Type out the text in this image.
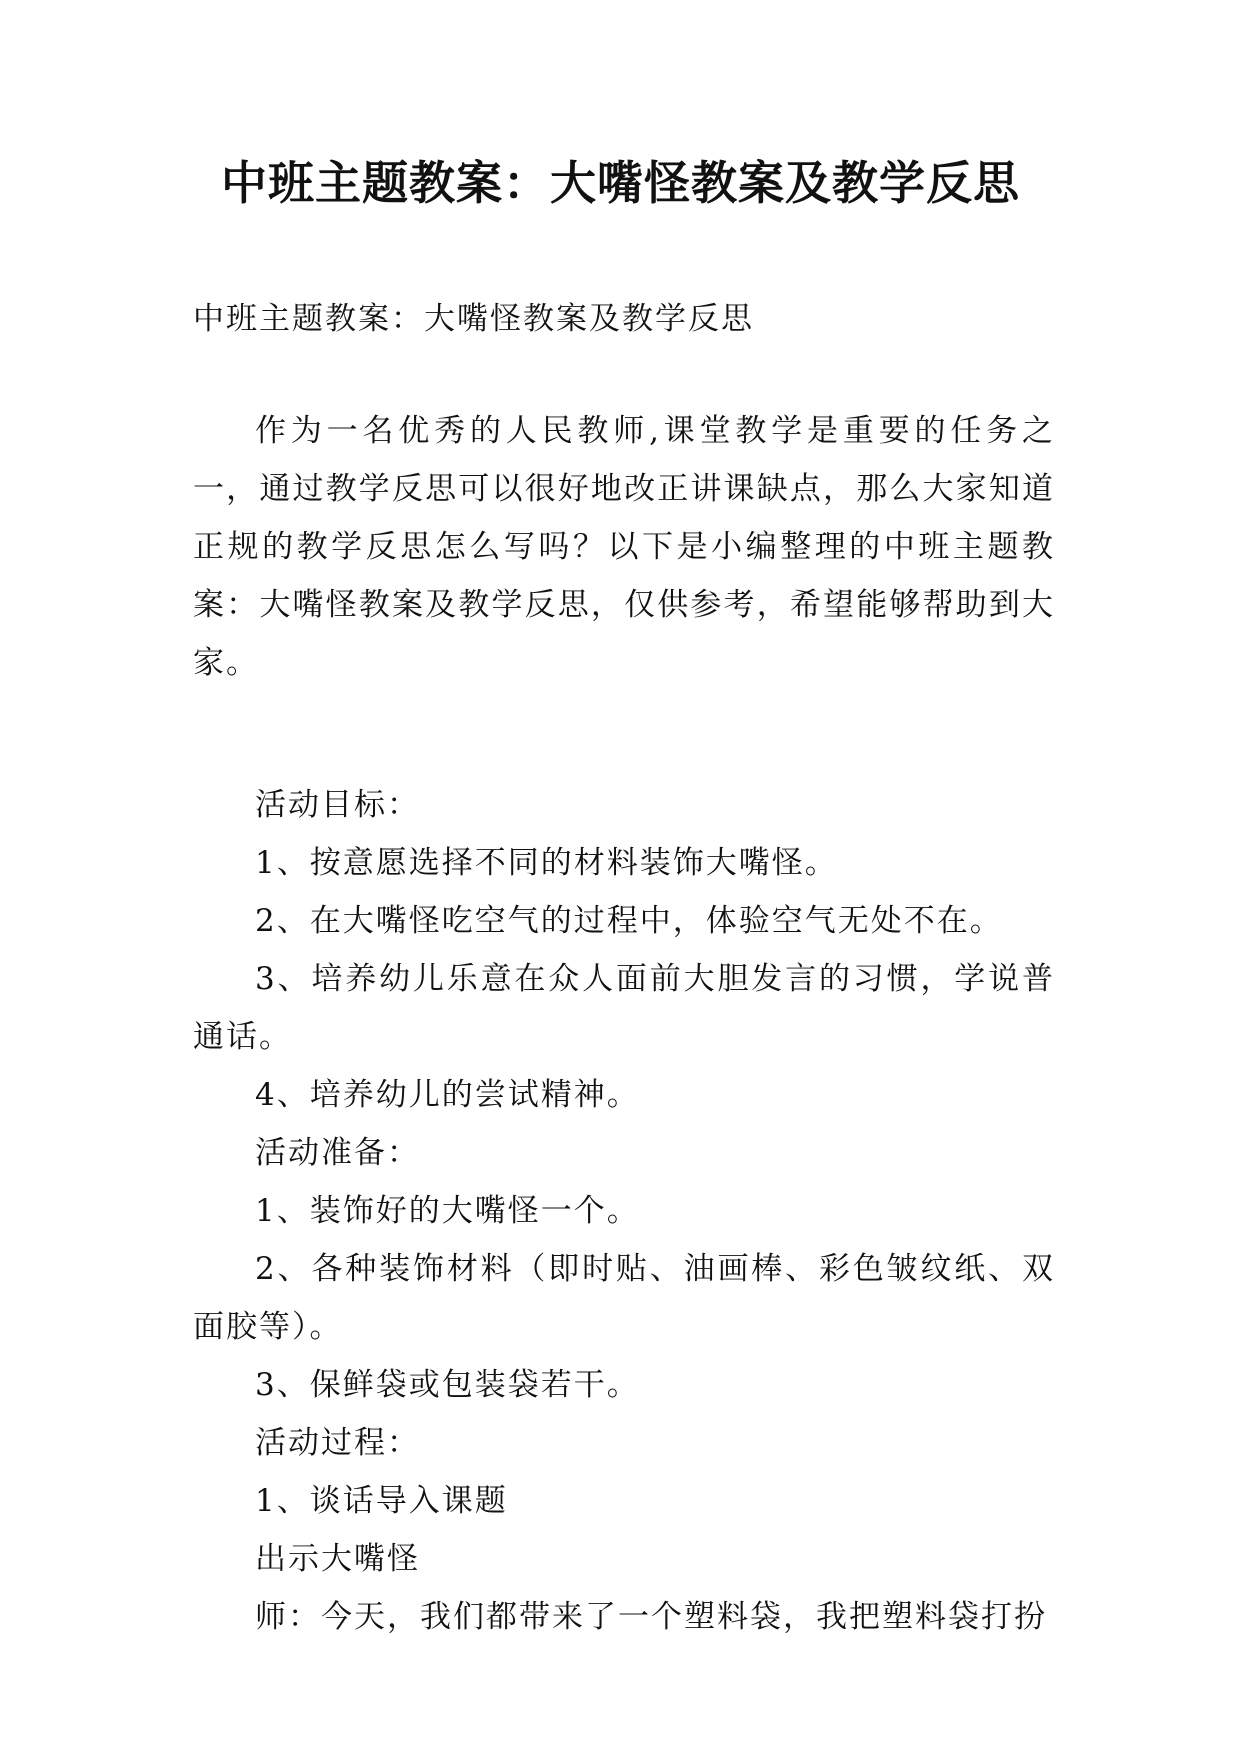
中班主题教案：大嘴怪教案及教学反思

中班主题教案：大嘴怪教案及教学反思

作为一名优秀的人民教师,课堂教学是重要的任务之一，通过教学反思可以很好地改正讲课缺点，那么大家知道正规的教学反思怎么写吗？以下是小编整理的中班主题教案：大嘴怪教案及教学反思，仅供参考，希望能够帮助到大家。

活动目标：

1、按意愿选择不同的材料装饰大嘴怪。

2、在大嘴怪吃空气的过程中，体验空气无处不在。

3、培养幼儿乐意在众人面前大胆发言的习惯，学说普通话。

4、培养幼儿的尝试精神。

活动准备：

1、装饰好的大嘴怪一个。

2、各种装饰材料（即时贴、油画棒、彩色皱纹纸、双面胶等）。

3、保鲜袋或包装袋若干。

活动过程：

1、谈话导入课题

出示大嘴怪

师：今天，我们都带来了一个塑料袋，我把塑料袋打扮
